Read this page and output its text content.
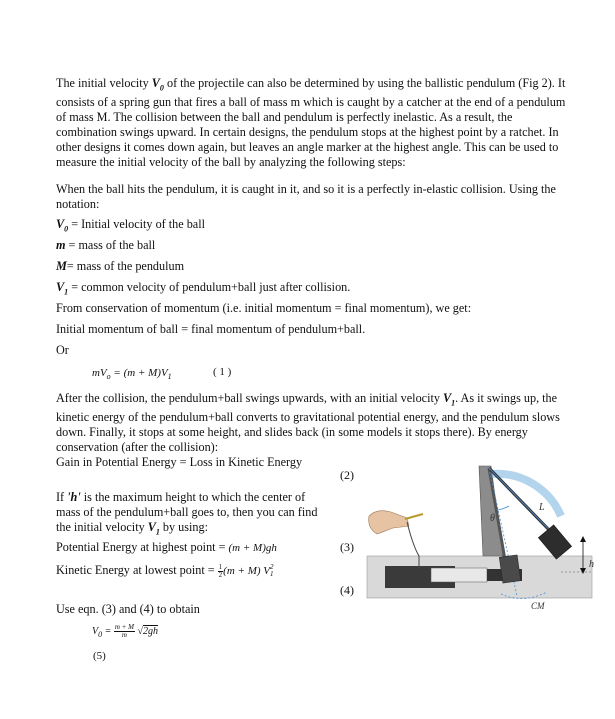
The initial velocity $V_0$ of the projectile can also be determined by using the ballistic pendulum (Fig 2). It consists of a spring gun that fires a ball of mass m which is caught by a catcher at the end of a pendulum of mass M. The collision between the ball and pendulum is perfectly inelastic. As a result, the combination swings upward. In certain designs, the pendulum stops at the highest point by a ratchet. In other designs it comes down again, but leaves an angle marker at the highest angle. This can be used to measure the initial velocity of the ball by analyzing the following steps:

When the ball hits the pendulum, it is caught in it, and so it is a perfectly in-elastic collision. Using the notation:

$V_0$ = Initial velocity of the ball

m = mass of the ball

M= mass of the pendulum

$V_1$ = common velocity of pendulum+ball just after collision.

From conservation of momentum (i.e. initial momentum = final momentum), we get:

Initial momentum of ball = final momentum of pendulum+ball.

Or

$mV_o = (m + M)V_1$	( 1 )

After the collision, the pendulum+ball swings upwards, with an initial velocity $V_1$. As it swings up, the kinetic energy of the pendulum+ball converts to gravitational potential energy, and the pendulum slows down. Finally, it stops at some height, and slides back (in some models it stops there). By energy conservation (after the collision):

Gain in Potential Energy = Loss in Kinetic Energy

(2)

If 'h' is the maximum height to which the center of mass of the pendulum+ball goes to, then you can find the initial velocity $V_1$ by using:

Potential Energy at highest point = (m + M)gh	(3)

Kinetic Energy at lowest point = $\frac{1}{2}(m + M)$ V 2
1

(4)

Use eqn. (3) and (4) to obtain

$V_0 = \frac{m + M}{m} √2gh$
(5)
θ
L
h
CM
